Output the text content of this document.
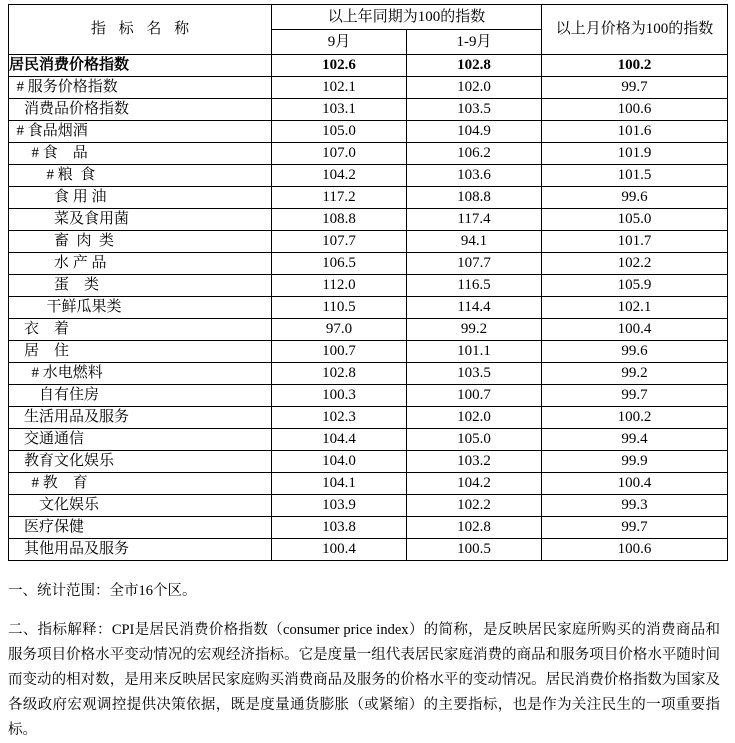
指 标 名 称	以上年同期为100的指数		以上月价格为100的指数
	9月	1-9月	
居民消费价格指数	102.6	102.8	100.2
# 服务价格指数	102.1	102.0	99.7
消费品价格指数	103.1	103.5	100.6
# 食品烟酒	105.0	104.9	101.6
# 食    品	107.0	106.2	101.9
# 粮  食	104.2	103.6	101.5
食 用 油	117.2	108.8	99.6
菜及食用菌	108.8	117.4	105.0
畜  肉  类	107.7	94.1	101.7
水 产 品	106.5	107.7	102.2
蛋    类	112.0	116.5	105.9
干鲜瓜果类	110.5	114.4	102.1
衣    着	97.0	99.2	100.4
居    住	100.7	101.1	99.6
# 水电燃料	102.8	103.5	99.2
自有住房	100.3	100.7	99.7
生活用品及服务	102.3	102.0	100.2
交通通信	104.4	105.0	99.4
教育文化娱乐	104.0	103.2	99.9
# 教    育	104.1	104.2	100.4
文化娱乐	103.9	102.2	99.3
医疗保健	103.8	102.8	99.7
其他用品及服务	100.4	100.5	100.6

一、统计范围：全市16个区。

二、指标解释：CPI是居民消费价格指数（consumer price index）的简称，是反映居民家庭所购买的消费商品和服务项目价格水平变动情况的宏观经济指标。它是度量一组代表居民家庭消费的商品和服务项目价格水平随时间而变动的相对数，是用来反映居民家庭购买消费商品及服务的价格水平的变动情况。居民消费价格指数为国家及各级政府宏观调控提供决策依据，既是度量通货膨胀（或紧缩）的主要指标，也是作为关注民生的一项重要指标。
